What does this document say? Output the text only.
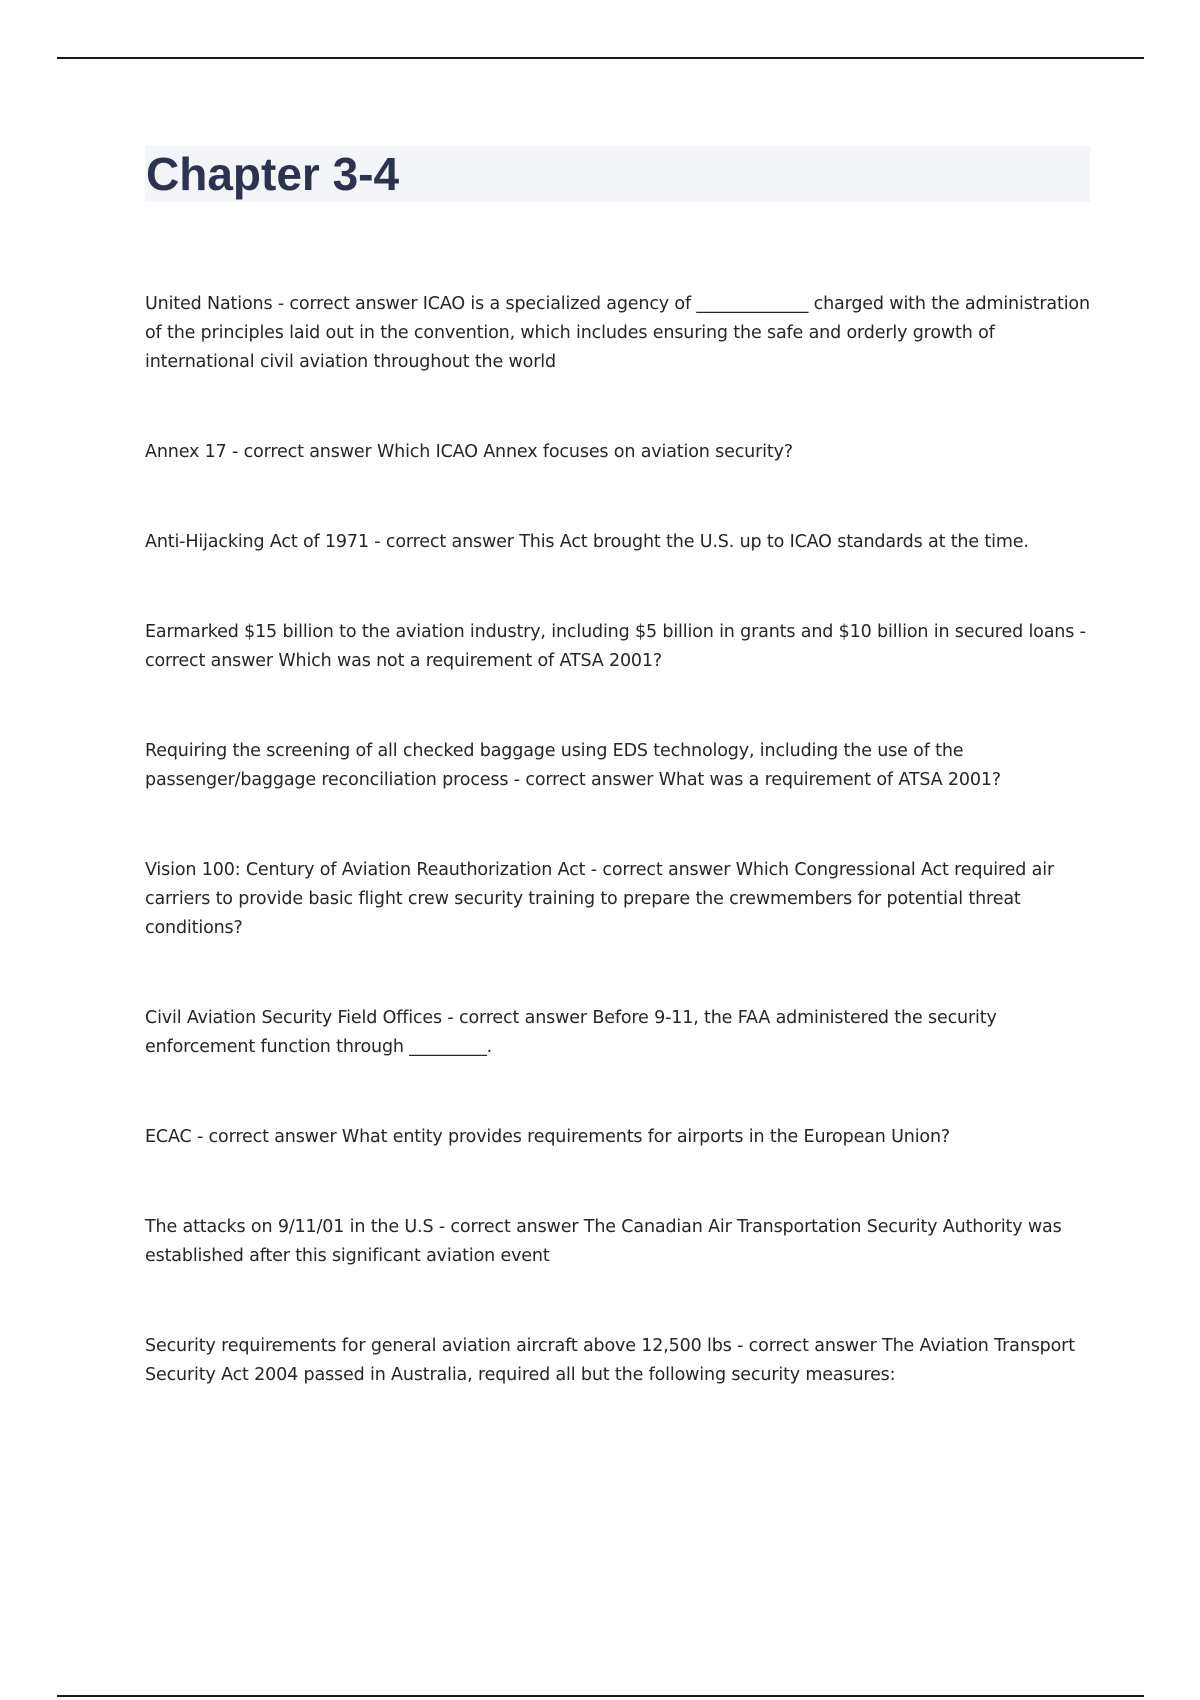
Chapter 3-4

United Nations - correct answer ICAO is a specialized agency of _____________ charged with the administration of the principles laid out in the convention, which includes ensuring the safe and orderly growth of international civil aviation throughout the world

Annex 17 - correct answer Which ICAO Annex focuses on aviation security?

Anti-Hijacking Act of 1971 - correct answer This Act brought the U.S. up to ICAO standards at the time.

Earmarked $15 billion to the aviation industry, including $5 billion in grants and $10 billion in secured loans - correct answer Which was not a requirement of ATSA 2001?

Requiring the screening of all checked baggage using EDS technology, including the use of the passenger/baggage reconciliation process - correct answer What was a requirement of ATSA 2001?

Vision 100: Century of Aviation Reauthorization Act - correct answer Which Congressional Act required air carriers to provide basic flight crew security training to prepare the crewmembers for potential threat conditions?

Civil Aviation Security Field Offices - correct answer Before 9-11, the FAA administered the security enforcement function through _________.

ECAC - correct answer What entity provides requirements for airports in the European Union?

The attacks on 9/11/01 in the U.S - correct answer The Canadian Air Transportation Security Authority was established after this significant aviation event

Security requirements for general aviation aircraft above 12,500 lbs - correct answer The Aviation Transport Security Act 2004 passed in Australia, required all but the following security measures:
